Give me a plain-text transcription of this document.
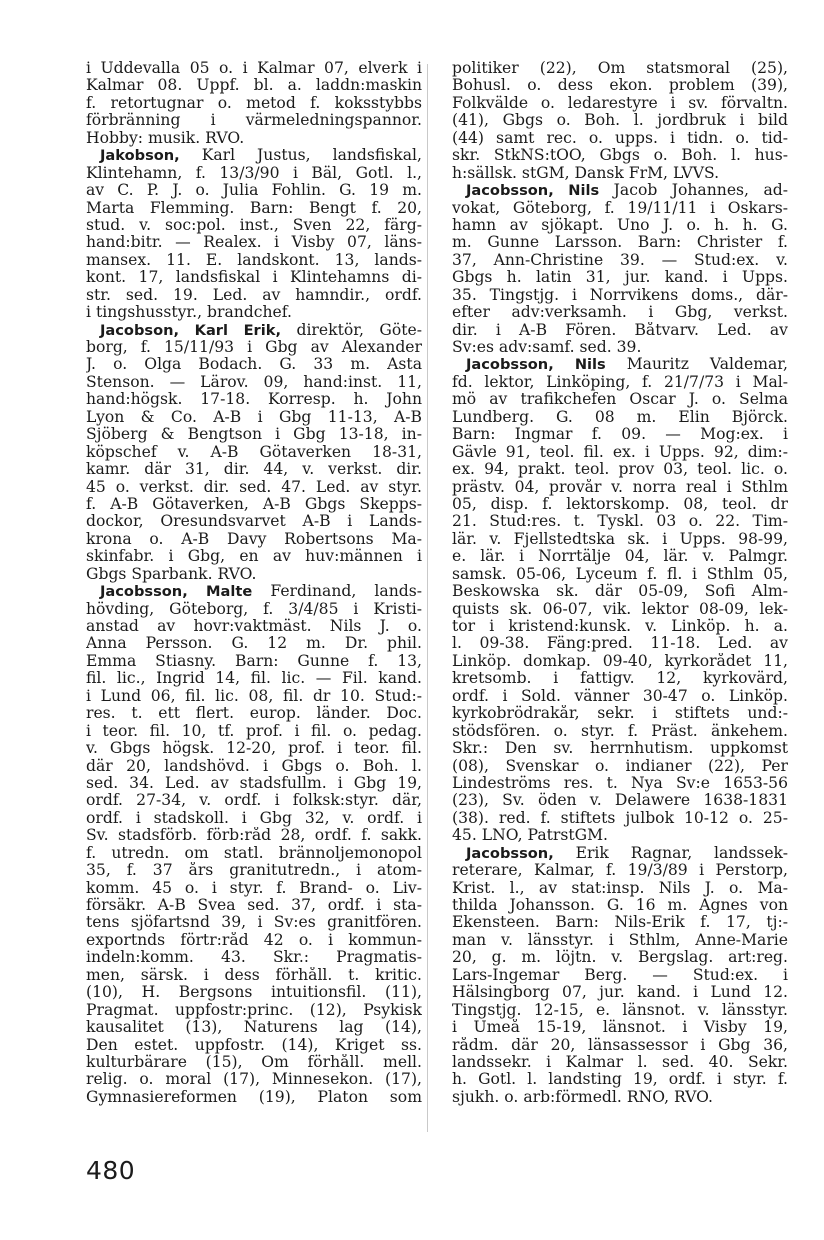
i Uddevalla 05 o. i Kalmar 07, elverk i
Kalmar 08. Uppf. bl. a. laddn:maskin
f. retortugnar o. metod f. koksstybbs
förbränning i värmeledningspannor.
Hobby: musik. RVO.
Jakobson, Karl Justus, landsfiskal,
Klintehamn, f. 13/3/90 i Bäl, Gotl. l.,
av C. P. J. o. Julia Fohlin. G. 19 m.
Marta Flemming. Barn: Bengt f. 20,
stud. v. soc:pol. inst., Sven 22, färg-
hand:bitr. — Realex. i Visby 07, läns-
mansex. 11. E. landskont. 13, lands-
kont. 17, landsfiskal i Klintehamns di-
str. sed. 19. Led. av hamndir., ordf.
i tingshusstyr., brandchef.
Jacobson, Karl Erik, direktör, Göte-
borg, f. 15/11/93 i Gbg av Alexander
J. o. Olga Bodach. G. 33 m. Asta
Stenson. — Lärov. 09, hand:inst. 11,
hand:högsk. 17-18. Korresp. h. John
Lyon & Co. A-B i Gbg 11-13, A-B
Sjöberg & Bengtson i Gbg 13-18, in-
köpschef v. A-B Götaverken 18-31,
kamr. där 31, dir. 44, v. verkst. dir.
45 o. verkst. dir. sed. 47. Led. av styr.
f. A-B Götaverken, A-B Gbgs Skepps-
dockor, Öresundsvarvet A-B i Lands-
krona o. A-B Davy Robertsons Ma-
skinfabr. i Gbg, en av huv:männen i
Gbgs Sparbank. RVO.
Jacobsson, Malte Ferdinand, lands-
hövding, Göteborg, f. 3/4/85 i Kristi-
anstad av hovr:vaktmäst. Nils J. o.
Anna Persson. G. 12 m. Dr. phil.
Emma Stiasny. Barn: Gunne f. 13,
fil. lic., Ingrid 14, fil. lic. — Fil. kand.
i Lund 06, fil. lic. 08, fil. dr 10. Stud:-
res. t. ett flert. europ. länder. Doc.
i teor. fil. 10, tf. prof. i fil. o. pedag.
v. Gbgs högsk. 12-20, prof. i teor. fil.
där 20, landshövd. i Gbgs o. Boh. l.
sed. 34. Led. av stadsfullm. i Gbg 19,
ordf. 27-34, v. ordf. i folksk:styr. där,
ordf. i stadskoll. i Gbg 32, v. ordf. i
Sv. stadsförb. förb:råd 28, ordf. f. sakk.
f. utredn. om statl. brännoljemonopol
35, f. 37 års granitutredn., i atom-
komm. 45 o. i styr. f. Brand- o. Liv-
försäkr. A-B Svea sed. 37, ordf. i sta-
tens sjöfartsnd 39, i Sv:es granitfören.
exportnds förtr:råd 42 o. i kommun-
indeln:komm. 43. Skr.: Pragmatis-
men, särsk. i dess förhåll. t. kritic.
(10), H. Bergsons intuitionsfil. (11),
Pragmat. uppfostr:princ. (12), Psykisk
kausalitet (13), Naturens lag (14),
Den estet. uppfostr. (14), Kriget ss.
kulturbärare (15), Om förhåll. mell.
relig. o. moral (17), Minnesekon. (17),
Gymnasiereformen (19), Platon som
politiker (22), Om statsmoral (25),
Bohusl. o. dess ekon. problem (39),
Folkvälde o. ledarestyre i sv. förvaltn.
(41), Gbgs o. Boh. l. jordbruk i bild
(44) samt rec. o. upps. i tidn. o. tid-
skr. StkNS:tOO, Gbgs o. Boh. l. hus-
h:sällsk. stGM, Dansk FrM, LVVS.
Jacobsson, Nils Jacob Johannes, ad-
vokat, Göteborg, f. 19/11/11 i Oskars-
hamn av sjökapt. Uno J. o. h. h. G.
m. Gunne Larsson. Barn: Christer f.
37, Ann-Christine 39. — Stud:ex. v.
Gbgs h. latin 31, jur. kand. i Upps.
35. Tingstjg. i Norrvikens doms., där-
efter adv:verksamh. i Gbg, verkst.
dir. i A-B Fören. Båtvarv. Led. av
Sv:es adv:samf. sed. 39.
Jacobsson, Nils Mauritz Valdemar,
fd. lektor, Linköping, f. 21/7/73 i Mal-
mö av trafikchefen Oscar J. o. Selma
Lundberg. G. 08 m. Elin Björck.
Barn: Ingmar f. 09. — Mog:ex. i
Gävle 91, teol. fil. ex. i Upps. 92, dim:-
ex. 94, prakt. teol. prov 03, teol. lic. o.
prästv. 04, provår v. norra real i Sthlm
05, disp. f. lektorskomp. 08, teol. dr
21. Stud:res. t. Tyskl. 03 o. 22. Tim-
lär. v. Fjellstedtska sk. i Upps. 98-99,
e. lär. i Norrtälje 04, lär. v. Palmgr.
samsk. 05-06, Lyceum f. fl. i Sthlm 05,
Beskowska sk. där 05-09, Sofi Alm-
quists sk. 06-07, vik. lektor 08-09, lek-
tor i kristend:kunsk. v. Linköp. h. a.
l. 09-38. Fäng:pred. 11-18. Led. av
Linköp. domkap. 09-40, kyrkorådet 11,
kretsomb. i fattigv. 12, kyrkovärd,
ordf. i Sold. vänner 30-47 o. Linköp.
kyrkobrödrakår, sekr. i stiftets und:-
stödsfören. o. styr. f. Präst. änkehem.
Skr.: Den sv. herrnhutism. uppkomst
(08), Svenskar o. indianer (22), Per
Lindeströms res. t. Nya Sv:e 1653-56
(23), Sv. öden v. Delawere 1638-1831
(38). red. f. stiftets julbok 10-12 o. 25-
45. LNO, PatrstGM.
Jacobsson, Erik Ragnar, landssek-
reterare, Kalmar, f. 19/3/89 i Perstorp,
Krist. l., av stat:insp. Nils J. o. Ma-
thilda Johansson. G. 16 m. Agnes von
Ekensteen. Barn: Nils-Erik f. 17, tj:-
man v. länsstyr. i Sthlm, Anne-Marie
20, g. m. löjtn. v. Bergslag. art:reg.
Lars-Ingemar Berg. — Stud:ex. i
Hälsingborg 07, jur. kand. i Lund 12.
Tingstjg. 12-15, e. länsnot. v. länsstyr.
i Umeå 15-19, länsnot. i Visby 19,
rådm. där 20, länsassessor i Gbg 36,
landssekr. i Kalmar l. sed. 40. Sekr.
h. Gotl. l. landsting 19, ordf. i styr. f.
sjukh. o. arb:förmedl. RNO, RVO.
480
